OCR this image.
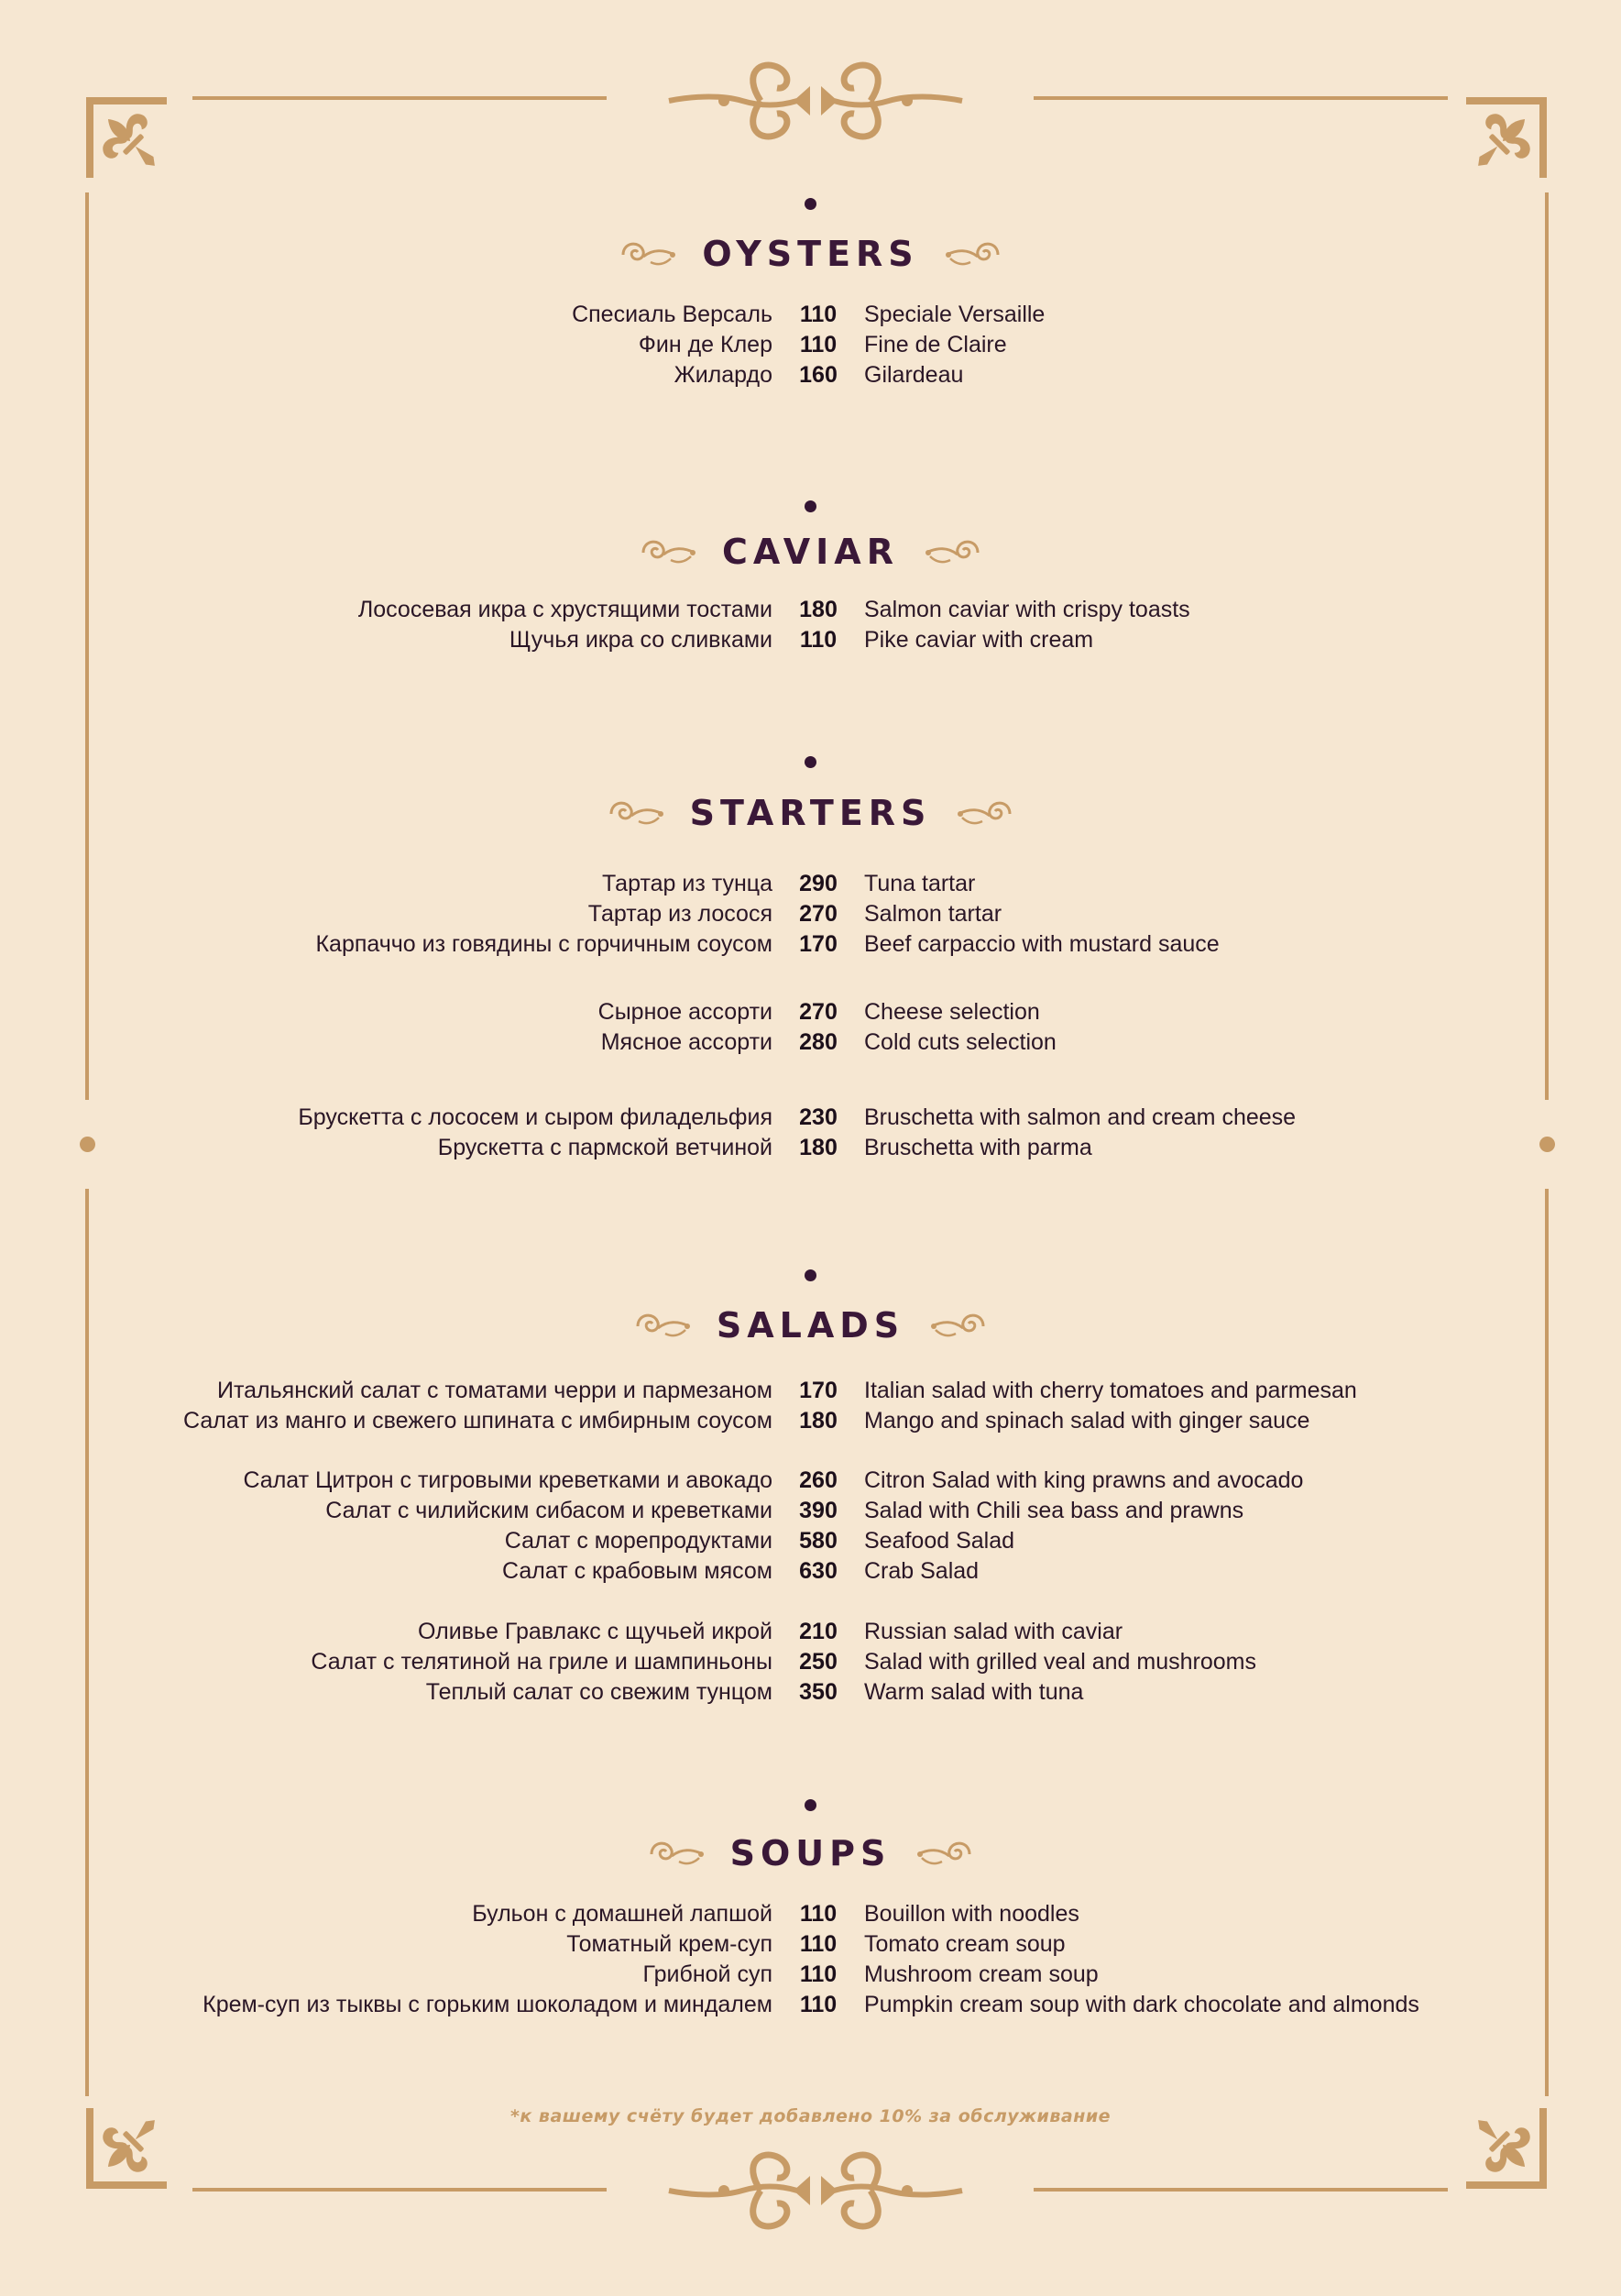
OYSTERS
Спесиаль Версаль 110 Speciale Versaille
Фин де Клер 110 Fine de Claire
Жилардо 160 Gilardeau
CAVIAR
Лососевая икра с хрустящими тостами 180 Salmon caviar with crispy toasts
Щучья икра со сливками 110 Pike caviar with cream
STARTERS
Тартар из тунца 290 Tuna tartar
Тартар из лосося 270 Salmon tartar
Карпаччо из говядины с горчичным соусом 170 Beef carpaccio with mustard sauce
Сырное ассорти 270 Cheese selection
Мясное ассорти 280 Cold cuts selection
Брускетта с лососем и сыром филадельфия 230 Bruschetta with salmon and cream cheese
Брускетта с пармской ветчиной 180 Bruschetta with parma
SALADS
Итальянский салат с томатами черри и пармезаном 170 Italian salad with cherry tomatoes and parmesan
Салат из манго и свежего шпината с имбирным соусом 180 Mango and spinach salad with ginger sauce
Салат Цитрон с тигровыми креветками и авокадо 260 Citron Salad with king prawns and avocado
Салат с чилийским сибасом и креветками 390 Salad with Chili sea bass and prawns
Салат с морепродуктами 580 Seafood Salad
Салат с крабовым мясом 630 Crab Salad
Оливье Гравлакс с щучьей икрой 210 Russian salad with caviar
Салат с телятиной на гриле и шампиньоны 250 Salad with grilled veal and mushrooms
Теплый салат со свежим тунцом 350 Warm salad with tuna
SOUPS
Бульон с домашней лапшой 110 Bouillon with noodles
Томатный крем-суп 110 Tomato cream soup
Грибной суп 110 Mushroom cream soup
Крем-суп из тыквы с горьким шоколадом и миндалем 110 Pumpkin cream soup with dark chocolate and almonds
*к вашему счёту будет добавлено 10% за обслуживание
